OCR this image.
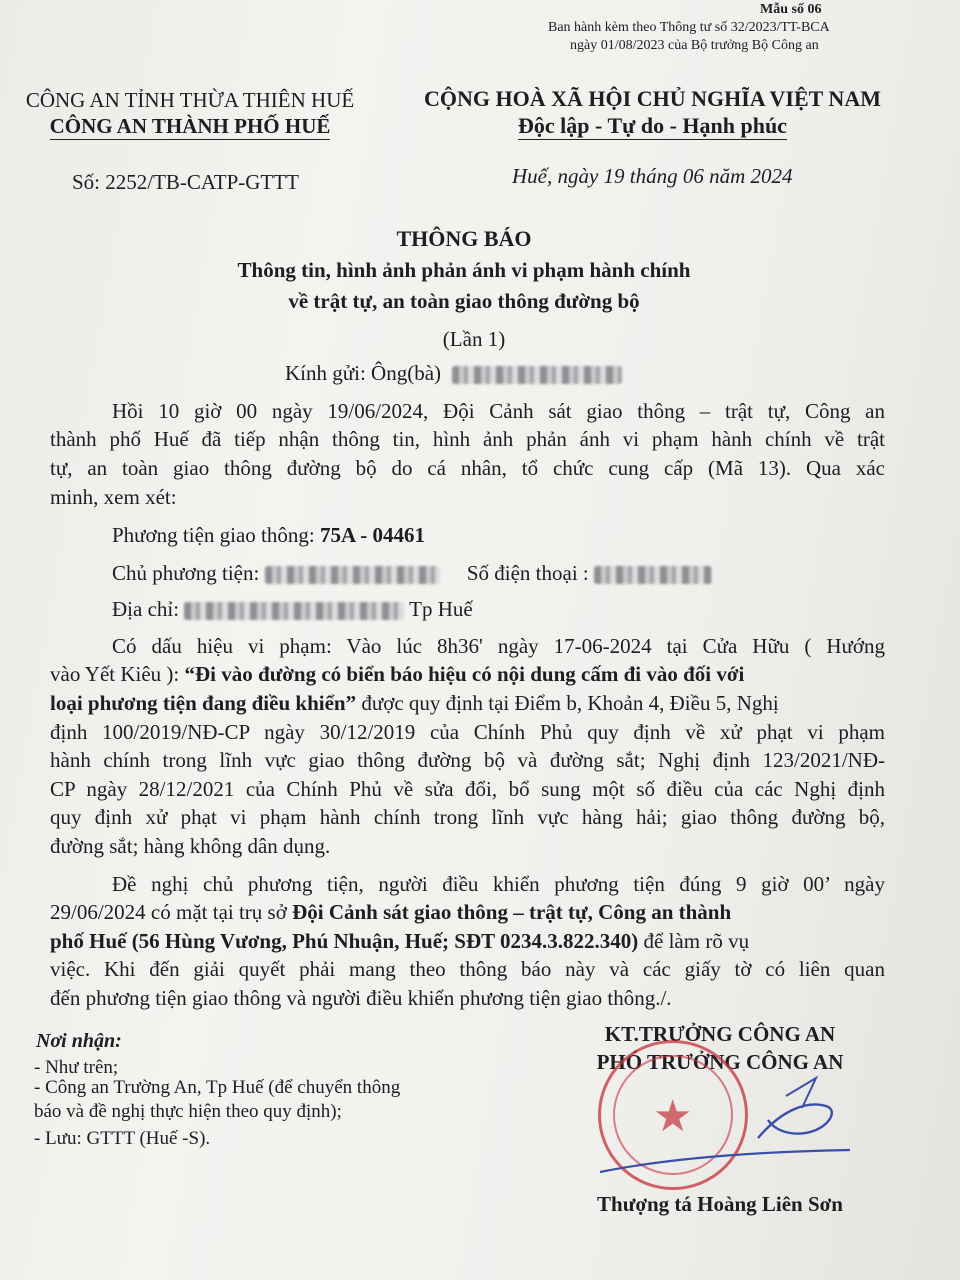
Mẫu số 06
Ban hành kèm theo Thông tư số 32/2023/TT-BCA
ngày 01/08/2023 của Bộ trưởng Bộ Công an
CÔNG AN TỈNH THỪA THIÊN HUẾ
CÔNG AN THÀNH PHỐ HUẾ
Số: 2252/TB-CATP-GTTT
CỘNG HOÀ XÃ HỘI CHỦ NGHĨA VIỆT NAM
Độc lập - Tự do - Hạnh phúc
Huế, ngày 19 tháng 06 năm 2024
THÔNG BÁO
Thông tin, hình ảnh phản ánh vi phạm hành chính
về trật tự, an toàn giao thông đường bộ
(Lần 1)
Kính gửi: Ông(bà)
Hồi 10 giờ 00 ngày 19/06/2024, Đội Cảnh sát giao thông – trật tự, Công an
thành phố Huế đã tiếp nhận thông tin, hình ảnh phản ánh vi phạm hành chính về trật
tự, an toàn giao thông đường bộ do cá nhân, tổ chức cung cấp (Mã 13). Qua xác
minh, xem xét:
Phương tiện giao thông: 75A - 04461
Chủ phương tiện:	Số điện thoại :
Địa chỉ:	Tp Huế
Có dấu hiệu vi phạm: Vào lúc 8h36' ngày 17-06-2024 tại Cửa Hữu ( Hướng
vào Yết Kiêu ): “Đi vào đường có biển báo hiệu có nội dung cấm đi vào đối với
loại phương tiện đang điều khiển” được quy định tại Điểm b, Khoản 4, Điều 5, Nghị
định 100/2019/NĐ-CP ngày 30/12/2019 của Chính Phủ quy định về xử phạt vi phạm
hành chính trong lĩnh vực giao thông đường bộ và đường sắt; Nghị định 123/2021/NĐ-
CP ngày 28/12/2021 của Chính Phủ về sửa đổi, bổ sung một số điều của các Nghị định
quy định xử phạt vi phạm hành chính trong lĩnh vực hàng hải; giao thông đường bộ,
đường sắt; hàng không dân dụng.
Đề nghị chủ phương tiện, người điều khiển phương tiện đúng 9 giờ 00’ ngày
29/06/2024 có mặt tại trụ sở Đội Cảnh sát giao thông – trật tự, Công an thành
phố Huế (56 Hùng Vương, Phú Nhuận, Huế; SĐT 0234.3.822.340) để làm rõ vụ
việc. Khi đến giải quyết phải mang theo thông báo này và các giấy tờ có liên quan
đến phương tiện giao thông và người điều khiển phương tiện giao thông./.
Nơi nhận:
- Như trên;
- Công an Trường An, Tp Huế (để chuyển thông
báo và đề nghị thực hiện theo quy định);
- Lưu: GTTT (Huế -S).
KT.TRƯỞNG CÔNG AN
PHÓ TRƯỞNG CÔNG AN
★
Thượng tá Hoàng Liên Sơn
